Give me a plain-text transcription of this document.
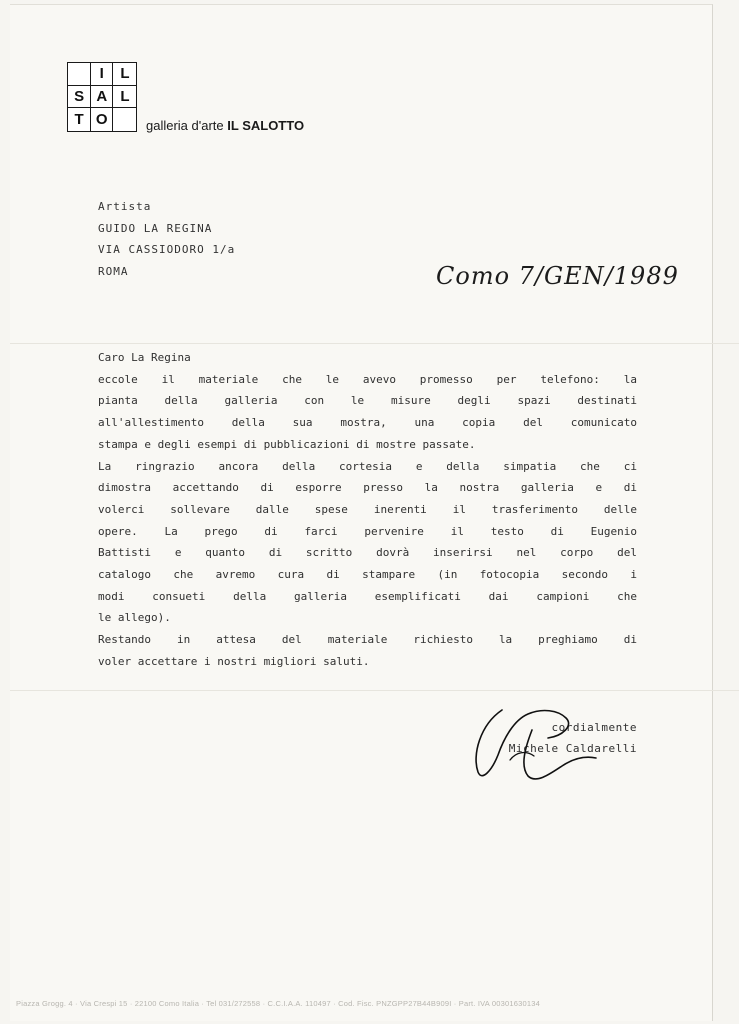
I	L
S A L
T O	galleria d'arte IL SALOTTO
Artista
GUIDO LA REGINA
VIA CASSIODORO 1/a
ROMA	Como 7/GEN/1989

Caro La Regina

eccole il materiale che le avevo promesso per telefono: la

pianta della galleria con le misure degli spazi destinati

all'allestimento della sua mostra, una copia del comunicato

stampa e degli esempi di pubblicazioni di mostre passate.

La ringrazio ancora della cortesia e della simpatia che ci

dimostra accettando di esporre presso la nostra galleria e di

volerci sollevare dalle spese inerenti il trasferimento delle

opere. La prego di farci pervenire il testo di Eugenio

Battisti e quanto di scritto dovrà inserirsi nel corpo del

catalogo che avremo cura di stampare (in fotocopia secondo i

modi consueti della galleria esemplificati dai campioni che

le allego).

Restando in attesa del materiale richiesto la preghiamo di

voler accettare i nostri migliori saluti.

cordialmente
Michele Caldarelli
Piazza Grogg. 4 · Via Crespi 15 · 22100 Como Italia · Tel 031/272558 · C.C.I.A.A. 110497 · Cod. Fisc. PNZGPP27B44B909I · Part. IVA 00301630134
